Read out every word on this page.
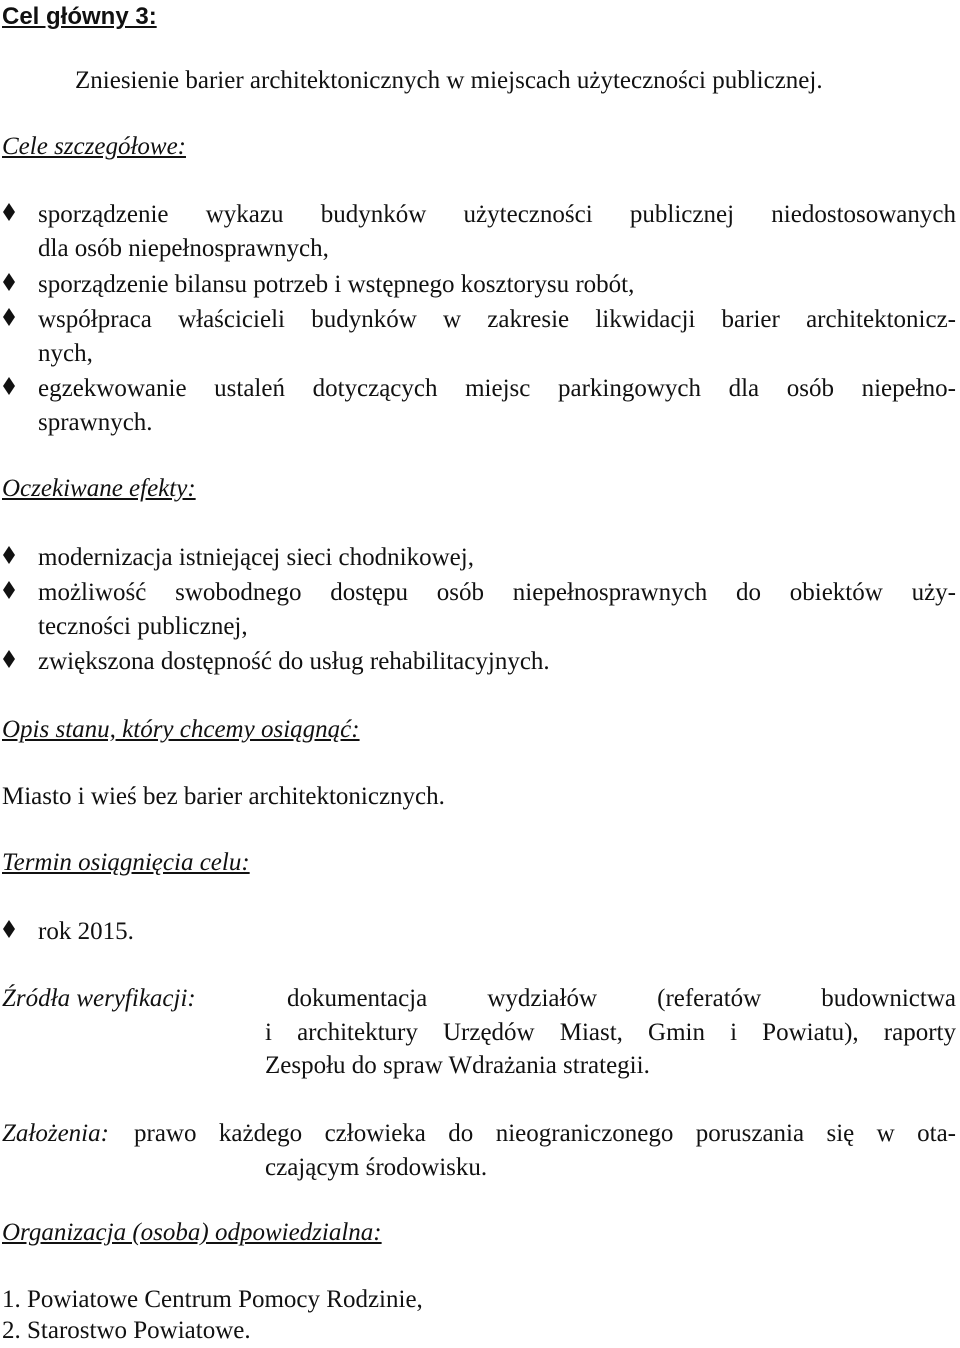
Cel główny 3:
Zniesienie barier architektonicznych w miejscach użyteczności publicznej.
Cele szczegółowe:
sporządzenie wykazu budynków użyteczności publicznej niedostosowanych
dla osób niepełnosprawnych,
sporządzenie bilansu potrzeb i wstępnego kosztorysu robót,
współpraca właścicieli budynków w zakresie likwidacji barier architektonicz-
nych,
egzekwowanie ustaleń dotyczących miejsc parkingowych dla osób niepełno-
sprawnych.
Oczekiwane efekty:
modernizacja istniejącej sieci chodnikowej,
możliwość swobodnego dostępu osób niepełnosprawnych do obiektów uży-
teczności publicznej,
zwiększona dostępność do usług rehabilitacyjnych.
Opis stanu, który chcemy osiągnąć:
Miasto i wieś bez barier architektonicznych.
Termin osiągnięcia celu:
rok 2015.
Źródła weryfikacji:	dokumentacja wydziałów (referatów budownictwa
i architektury Urzędów Miast, Gmin i Powiatu), raporty
Zespołu do spraw Wdrażania strategii.
Założenia: prawo każdego człowieka do nieograniczonego poruszania się w ota-
czającym środowisku.
Organizacja (osoba) odpowiedzialna:
1. Powiatowe Centrum Pomocy Rodzinie,
2. Starostwo Powiatowe.
